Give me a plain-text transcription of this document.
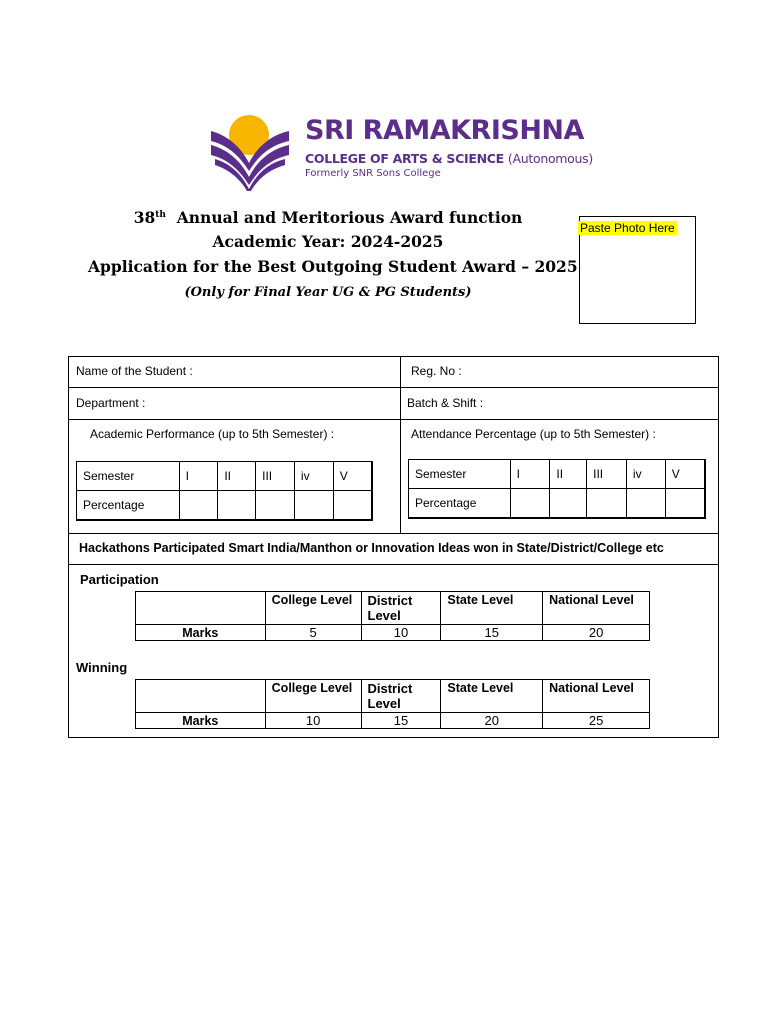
SRI RAMAKRISHNA
COLLEGE OF ARTS & SCIENCE (Autonomous)
Formerly SNR Sons College
38th  Annual and Meritorious Award function
Academic Year: 2024-2025
Application for the Best Outgoing Student Award – 2025
(Only for Final Year UG & PG Students)
Paste Photo Here
Name of the Student :	Reg. No :
Department :	Batch & Shift :
Academic Performance (up to 5th Semester) :	Attendance Percentage (up to 5th Semester) :
Semester	I	II	III	iv	V
Percentage					
Semester	I	II	III	iv	V
Percentage					
Hackathons Participated Smart India/Manthon or Innovation Ideas won in State/District/College etc
Participation
	College Level	District Level	State Level	National Level
Marks	5	10	15	20
Winning
	College Level	District Level	State Level	National Level
Marks	10	15	20	25
